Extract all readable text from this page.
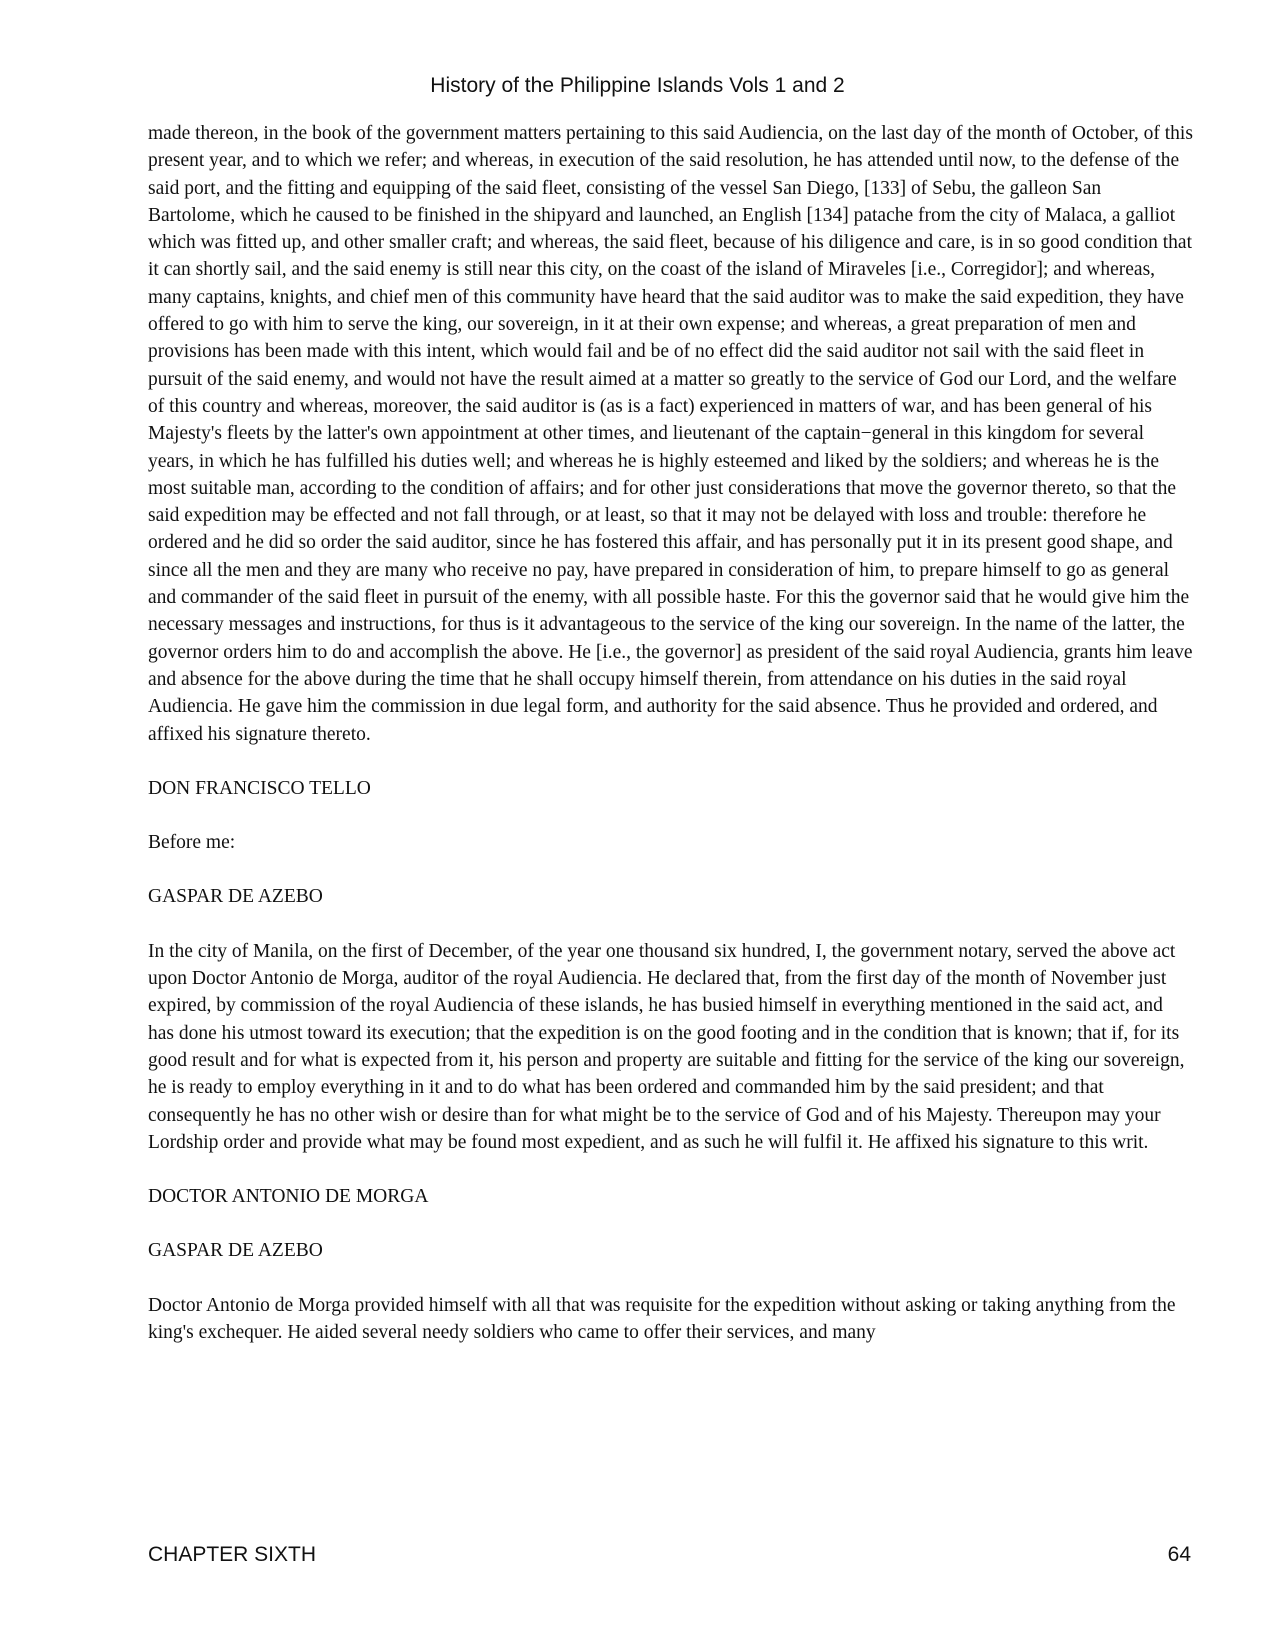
History of the Philippine Islands Vols 1 and 2

made thereon, in the book of the government matters pertaining to this said Audiencia, on the last day of the month of October, of this present year, and to which we refer; and whereas, in execution of the said resolution, he has attended until now, to the defense of the said port, and the fitting and equipping of the said fleet, consisting of the vessel San Diego, [133] of Sebu, the galleon San Bartolome, which he caused to be finished in the shipyard and launched, an English [134] patache from the city of Malaca, a galliot which was fitted up, and other smaller craft; and whereas, the said fleet, because of his diligence and care, is in so good condition that it can shortly sail, and the said enemy is still near this city, on the coast of the island of Miraveles [i.e., Corregidor]; and whereas, many captains, knights, and chief men of this community have heard that the said auditor was to make the said expedition, they have offered to go with him to serve the king, our sovereign, in it at their own expense; and whereas, a great preparation of men and provisions has been made with this intent, which would fail and be of no effect did the said auditor not sail with the said fleet in pursuit of the said enemy, and would not have the result aimed at a matter so greatly to the service of God our Lord, and the welfare of this country and whereas, moreover, the said auditor is (as is a fact) experienced in matters of war, and has been general of his Majesty's fleets by the latter's own appointment at other times, and lieutenant of the captain−general in this kingdom for several years, in which he has fulfilled his duties well; and whereas he is highly esteemed and liked by the soldiers; and whereas he is the most suitable man, according to the condition of affairs; and for other just considerations that move the governor thereto, so that the said expedition may be effected and not fall through, or at least, so that it may not be delayed with loss and trouble: therefore he ordered and he did so order the said auditor, since he has fostered this affair, and has personally put it in its present good shape, and since all the men and they are many who receive no pay, have prepared in consideration of him, to prepare himself to go as general and commander of the said fleet in pursuit of the enemy, with all possible haste. For this the governor said that he would give him the necessary messages and instructions, for thus is it advantageous to the service of the king our sovereign. In the name of the latter, the governor orders him to do and accomplish the above. He [i.e., the governor] as president of the said royal Audiencia, grants him leave and absence for the above during the time that he shall occupy himself therein, from attendance on his duties in the said royal Audiencia. He gave him the commission in due legal form, and authority for the said absence. Thus he provided and ordered, and affixed his signature thereto.

DON FRANCISCO TELLO

Before me:

GASPAR DE AZEBO

In the city of Manila, on the first of December, of the year one thousand six hundred, I, the government notary, served the above act upon Doctor Antonio de Morga, auditor of the royal Audiencia. He declared that, from the first day of the month of November just expired, by commission of the royal Audiencia of these islands, he has busied himself in everything mentioned in the said act, and has done his utmost toward its execution; that the expedition is on the good footing and in the condition that is known; that if, for its good result and for what is expected from it, his person and property are suitable and fitting for the service of the king our sovereign, he is ready to employ everything in it and to do what has been ordered and commanded him by the said president; and that consequently he has no other wish or desire than for what might be to the service of God and of his Majesty. Thereupon may your Lordship order and provide what may be found most expedient, and as such he will fulfil it. He affixed his signature to this writ.

DOCTOR ANTONIO DE MORGA

GASPAR DE AZEBO

Doctor Antonio de Morga provided himself with all that was requisite for the expedition without asking or taking anything from the king's exchequer. He aided several needy soldiers who came to offer their services, and many

CHAPTER SIXTH	64
